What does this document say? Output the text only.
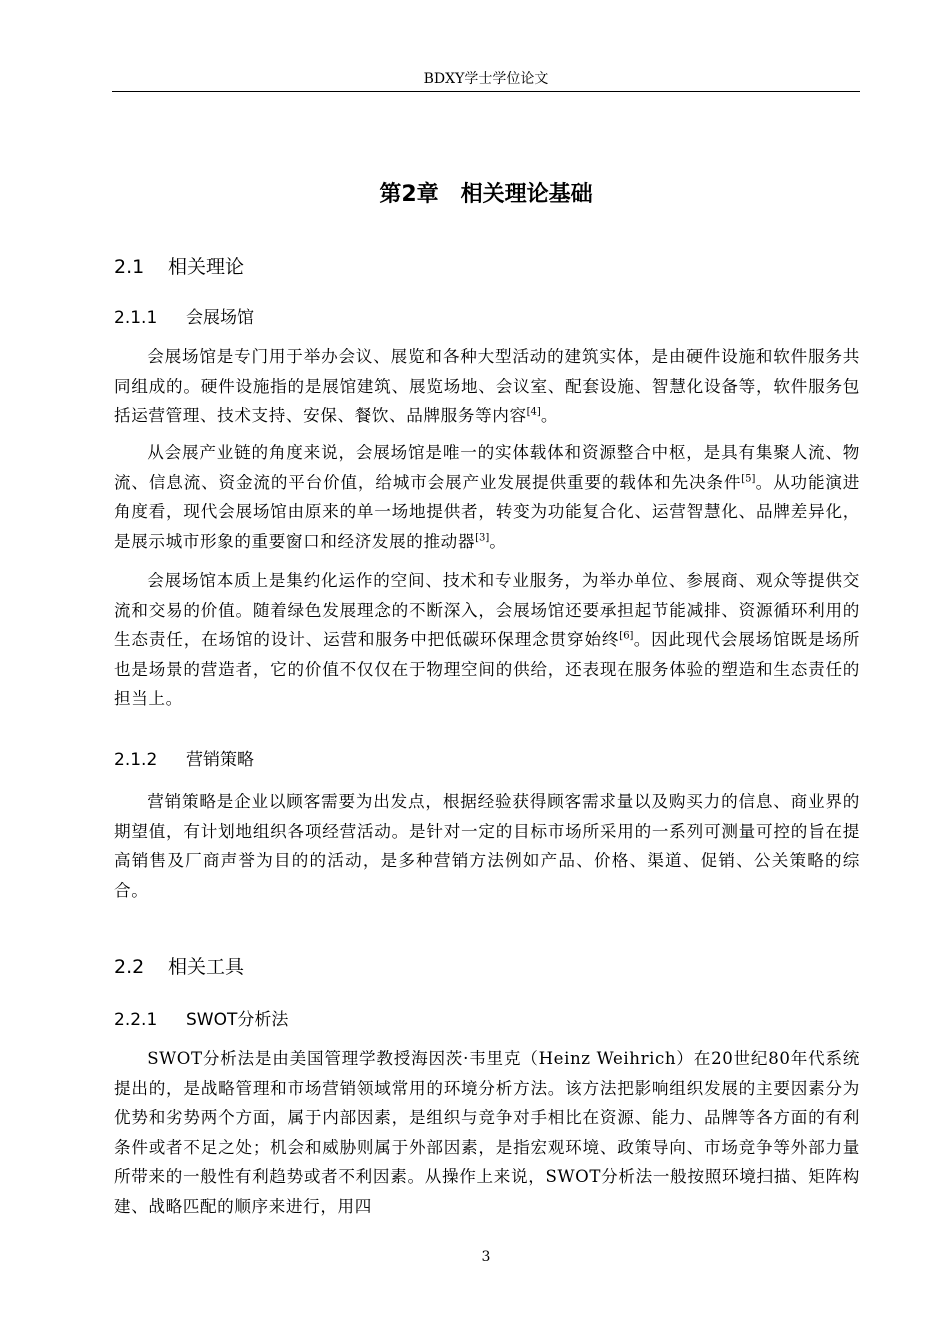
BDXY学士学位论文
第2章　相关理论基础
2.1 相关理论
2.1.1 会展场馆

会展场馆是专门用于举办会议、展览和各种大型活动的建筑实体，是由硬件设施和软件服务共同组成的。硬件设施指的是展馆建筑、展览场地、会议室、配套设施、智慧化设备等，软件服务包括运营管理、技术支持、安保、餐饮、品牌服务等内容[4]。

从会展产业链的角度来说，会展场馆是唯一的实体载体和资源整合中枢，是具有集聚人流、物流、信息流、资金流的平台价值，给城市会展产业发展提供重要的载体和先决条件[5]。从功能演进角度看，现代会展场馆由原来的单一场地提供者，转变为功能复合化、运营智慧化、品牌差异化，是展示城市形象的重要窗口和经济发展的推动器[3]。

会展场馆本质上是集约化运作的空间、技术和专业服务，为举办单位、参展商、观众等提供交流和交易的价值。随着绿色发展理念的不断深入，会展场馆还要承担起节能减排、资源循环利用的生态责任，在场馆的设计、运营和服务中把低碳环保理念贯穿始终[6]。因此现代会展场馆既是场所也是场景的营造者，它的价值不仅仅在于物理空间的供给，还表现在服务体验的塑造和生态责任的担当上。

2.1.2 营销策略

营销策略是企业以顾客需要为出发点，根据经验获得顾客需求量以及购买力的信息、商业界的期望值，有计划地组织各项经营活动。是针对一定的目标市场所采用的一系列可测量可控的旨在提高销售及厂商声誉为目的的活动，是多种营销方法例如产品、价格、渠道、促销、公关策略的综合。

2.2 相关工具
2.2.1 SWOT分析法

SWOT分析法是由美国管理学教授海因茨·韦里克（Heinz Weihrich）在20世纪80年代系统提出的，是战略管理和市场营销领域常用的环境分析方法。该方法把影响组织发展的主要因素分为优势和劣势两个方面，属于内部因素，是组织与竞争对手相比在资源、能力、品牌等各方面的有利条件或者不足之处；机会和威胁则属于外部因素，是指宏观环境、政策导向、市场竞争等外部力量所带来的一般性有利趋势或者不利因素。从操作上来说，SWOT分析法一般按照环境扫描、矩阵构建、战略匹配的顺序来进行，用四

3
